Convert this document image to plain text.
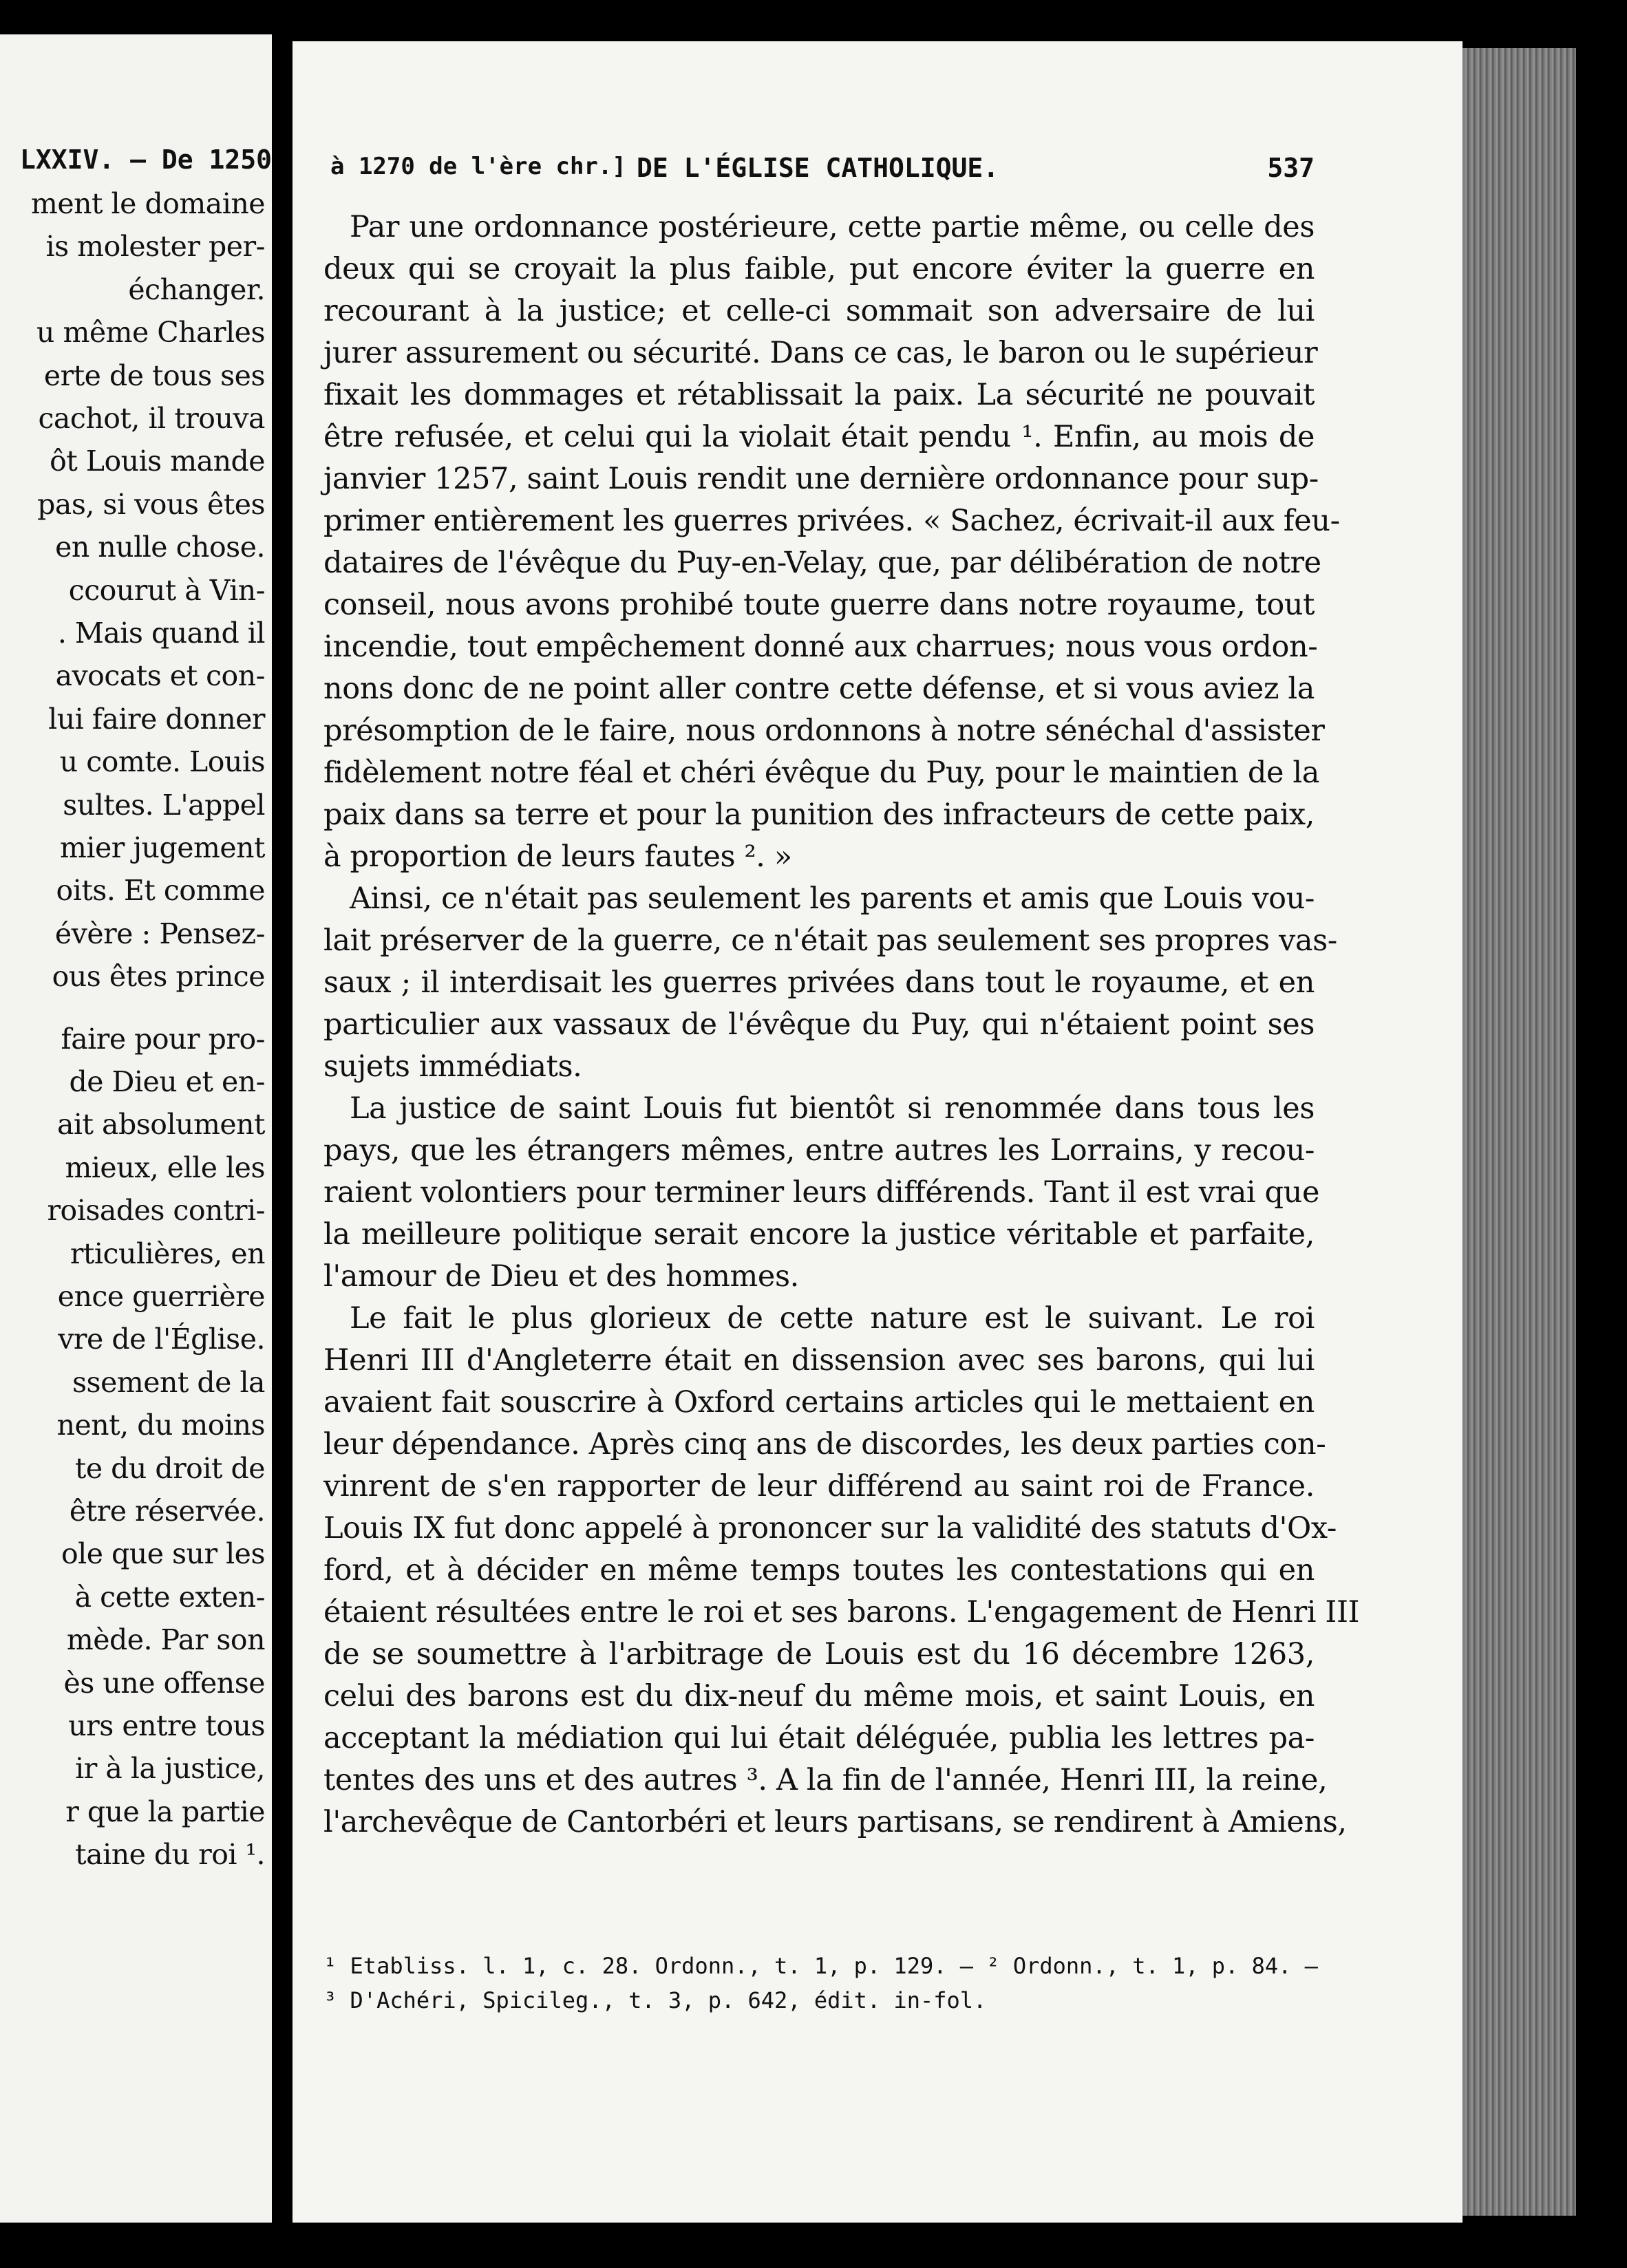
LXXIV. — De 1250
ment le domaine
is molester per-
échanger.
u même Charles
erte de tous ses
cachot, il trouva
ôt Louis mande
pas, si vous êtes
en nulle chose.
ccourut à Vin-
. Mais quand il
avocats et con-
lui faire donner
u comte. Louis
sultes. L'appel
mier jugement
oits. Et comme
évère : Pensez-
ous êtes prince
faire pour pro-
de Dieu et en-
ait absolument
mieux, elle les
roisades contri-
rticulières, en
ence guerrière
vre de l'Église.
ssement de la
nent, du moins
te du droit de
être réservée.
ole que sur les
à cette exten-
mède. Par son
ès une offense
urs entre tous
ir à la justice,
r que la partie
taine du roi ¹.
à 1270 de l'ère chr.] DE L'ÉGLISE CATHOLIQUE.	537
Par une ordonnance postérieure, cette partie même, ou celle des
deux qui se croyait la plus faible, put encore éviter la guerre en
recourant à la justice; et celle-ci sommait son adversaire de lui
jurer assurement ou sécurité. Dans ce cas, le baron ou le supérieur
fixait les dommages et rétablissait la paix. La sécurité ne pouvait
être refusée, et celui qui la violait était pendu ¹. Enfin, au mois de
janvier 1257, saint Louis rendit une dernière ordonnance pour sup-
primer entièrement les guerres privées. « Sachez, écrivait-il aux feu-
dataires de l'évêque du Puy-en-Velay, que, par délibération de notre
conseil, nous avons prohibé toute guerre dans notre royaume, tout
incendie, tout empêchement donné aux charrues; nous vous ordon-
nons donc de ne point aller contre cette défense, et si vous aviez la
présomption de le faire, nous ordonnons à notre sénéchal d'assister
fidèlement notre féal et chéri évêque du Puy, pour le maintien de la
paix dans sa terre et pour la punition des infracteurs de cette paix,
à proportion de leurs fautes ². »
Ainsi, ce n'était pas seulement les parents et amis que Louis vou-
lait préserver de la guerre, ce n'était pas seulement ses propres vas-
saux ; il interdisait les guerres privées dans tout le royaume, et en
particulier aux vassaux de l'évêque du Puy, qui n'étaient point ses
sujets immédiats.
La justice de saint Louis fut bientôt si renommée dans tous les
pays, que les étrangers mêmes, entre autres les Lorrains, y recou-
raient volontiers pour terminer leurs différends. Tant il est vrai que
la meilleure politique serait encore la justice véritable et parfaite,
l'amour de Dieu et des hommes.
Le fait le plus glorieux de cette nature est le suivant. Le roi
Henri III d'Angleterre était en dissension avec ses barons, qui lui
avaient fait souscrire à Oxford certains articles qui le mettaient en
leur dépendance. Après cinq ans de discordes, les deux parties con-
vinrent de s'en rapporter de leur différend au saint roi de France.
Louis IX fut donc appelé à prononcer sur la validité des statuts d'Ox-
ford, et à décider en même temps toutes les contestations qui en
étaient résultées entre le roi et ses barons. L'engagement de Henri III
de se soumettre à l'arbitrage de Louis est du 16 décembre 1263,
celui des barons est du dix-neuf du même mois, et saint Louis, en
acceptant la médiation qui lui était déléguée, publia les lettres pa-
tentes des uns et des autres ³. A la fin de l'année, Henri III, la reine,
l'archevêque de Cantorbéri et leurs partisans, se rendirent à Amiens,
¹ Etabliss. l. 1, c. 28. Ordonn., t. 1, p. 129. — ² Ordonn., t. 1, p. 84. —
³ D'Achéri, Spicileg., t. 3, p. 642, édit. in-fol.
